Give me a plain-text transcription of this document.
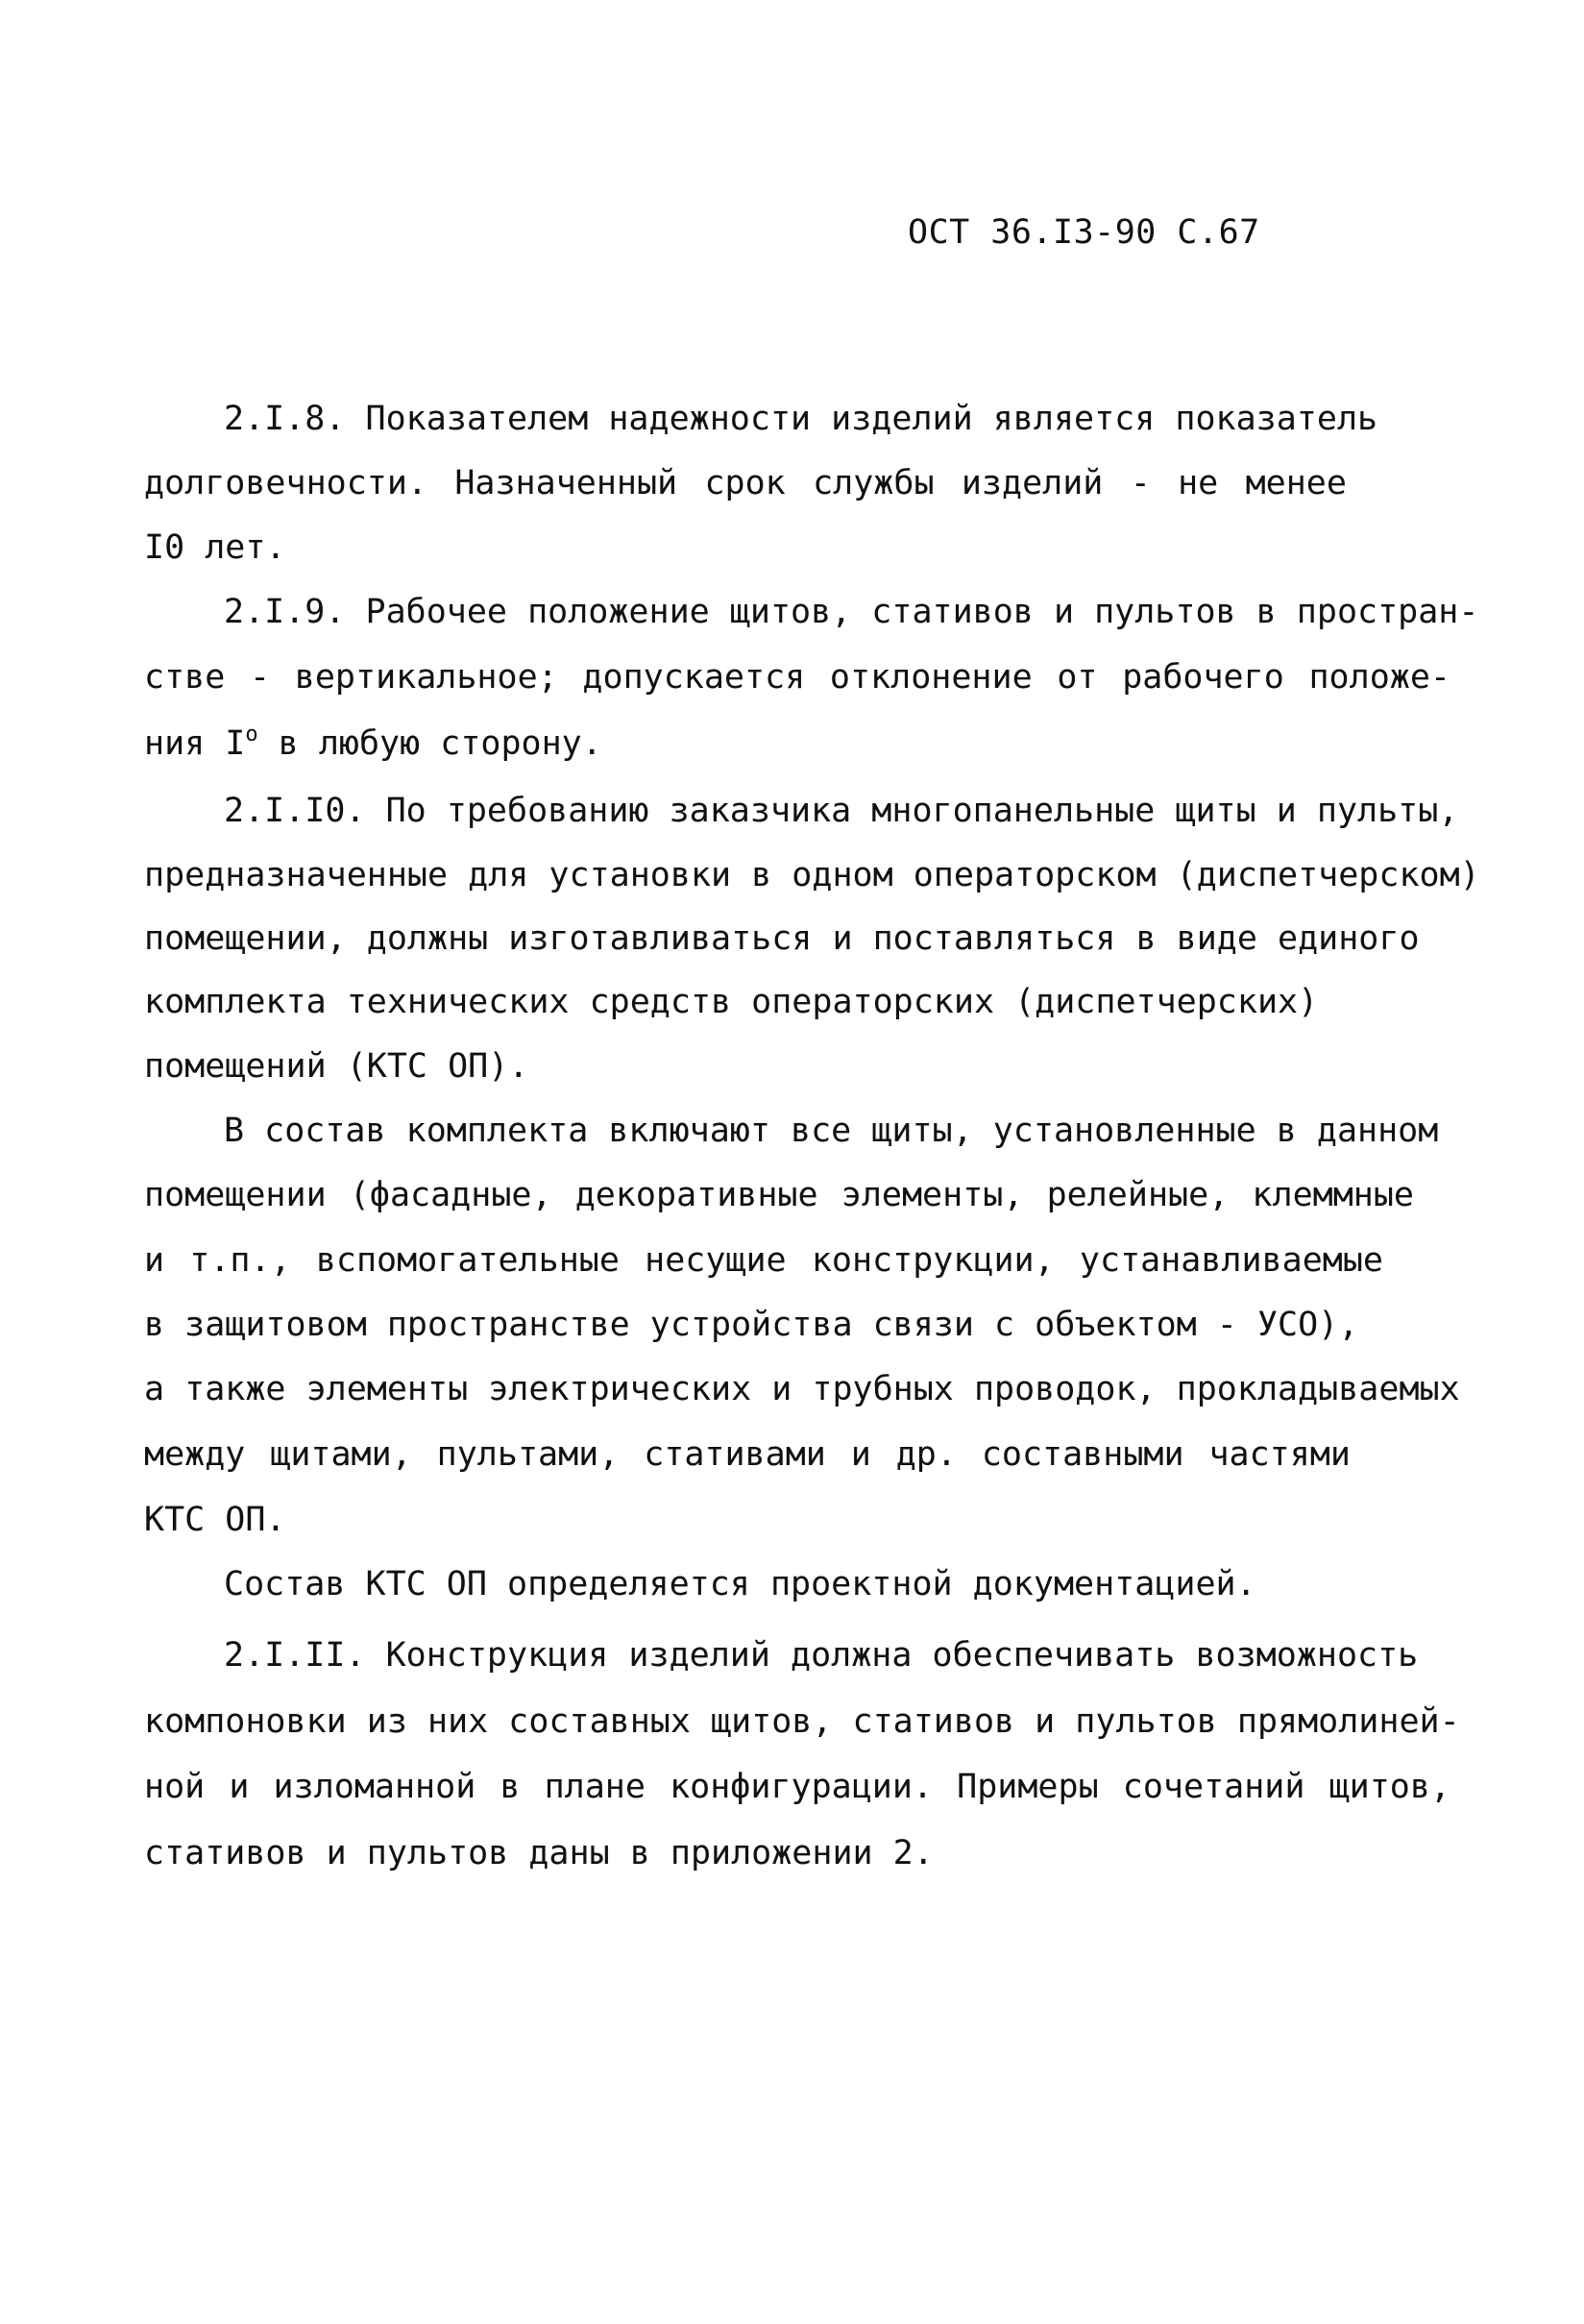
ОСТ 36.I3-90 С.67
2.I.8. Показателем надежности изделий является показатель
долговечности. Назначенный срок службы изделий - не менее
I0 лет.
2.I.9. Рабочее положение щитов, стативов и пультов в простран-
стве - вертикальное; допускается отклонение от рабочего положе-
ния $I^о$ в любую сторону.
2.I.I0. По требованию заказчика многопанельные щиты и пульты,
предназначенные для установки в одном операторском (диспетчерском)
помещении, должны изготавливаться и поставляться в виде единого
комплекта технических средств операторских (диспетчерских)
помещений (КТС ОП).
В состав комплекта включают все щиты, установленные в данном
помещении (фасадные, декоративные элементы, релейные, клеммные
и т.п., вспомогательные несущие конструкции, устанавливаемые
в защитовом пространстве устройства связи с объектом - УСО),
а также элементы электрических и трубных проводок, прокладываемых
между щитами, пультами, стативами и др. составными частями
КТС ОП.
Состав КТС ОП определяется проектной документацией.
2.I.II. Конструкция изделий должна обеспечивать возможность
компоновки из них составных щитов, стативов и пультов прямолиней-
ной и изломанной в плане конфигурации. Примеры сочетаний щитов,
стативов и пультов даны в приложении 2.
